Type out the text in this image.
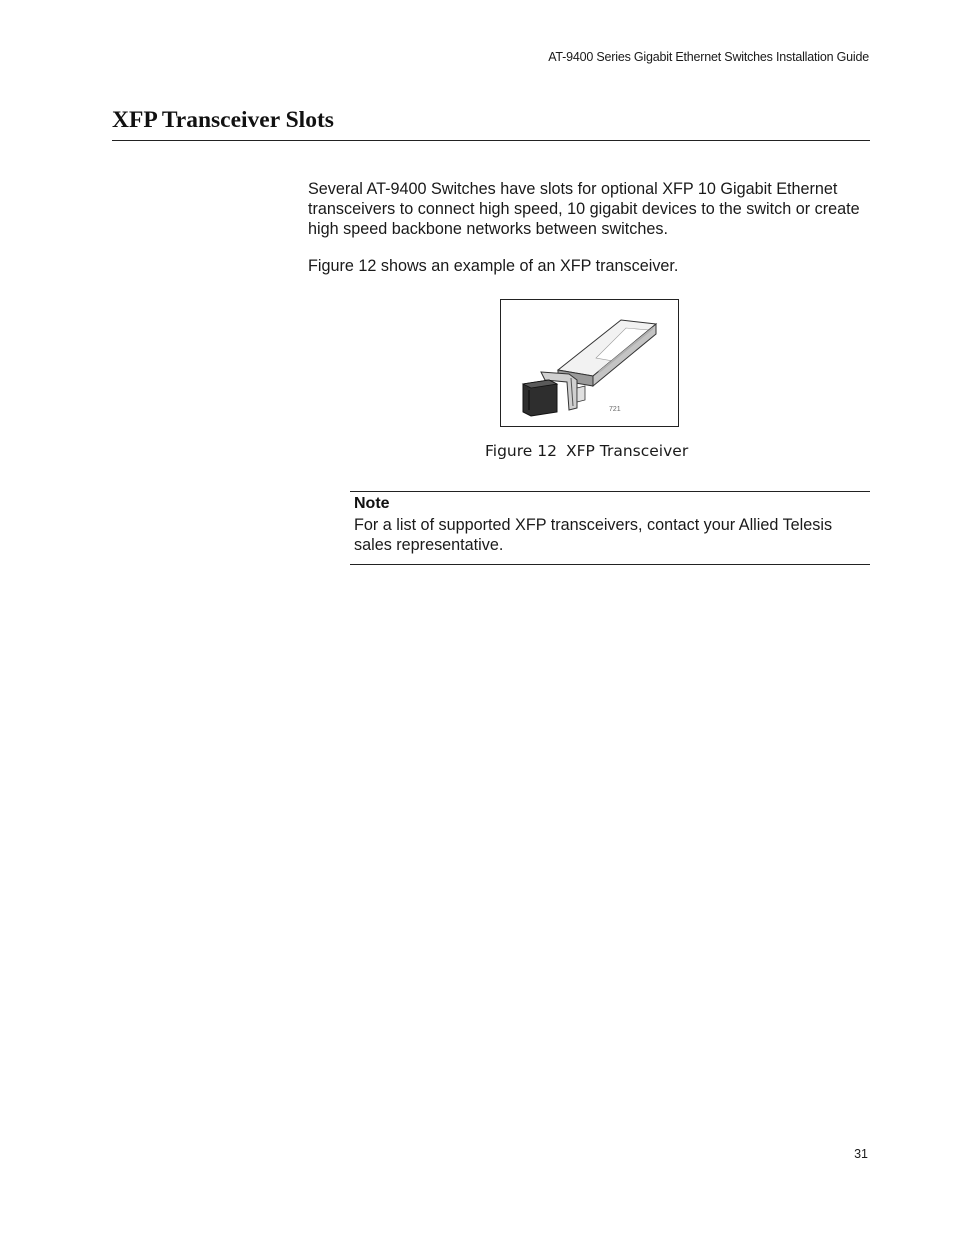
AT-9400 Series Gigabit Ethernet Switches Installation Guide
XFP Transceiver Slots

Several AT-9400 Switches have slots for optional XFP 10 Gigabit Ethernet transceivers to connect high speed, 10 gigabit devices to the switch or create high speed backbone networks between switches.

Figure 12 shows an example of an XFP transceiver.

721
Figure 12 XFP Transceiver
Note

For a list of supported XFP transceivers, contact your Allied Telesis sales representative.

31
